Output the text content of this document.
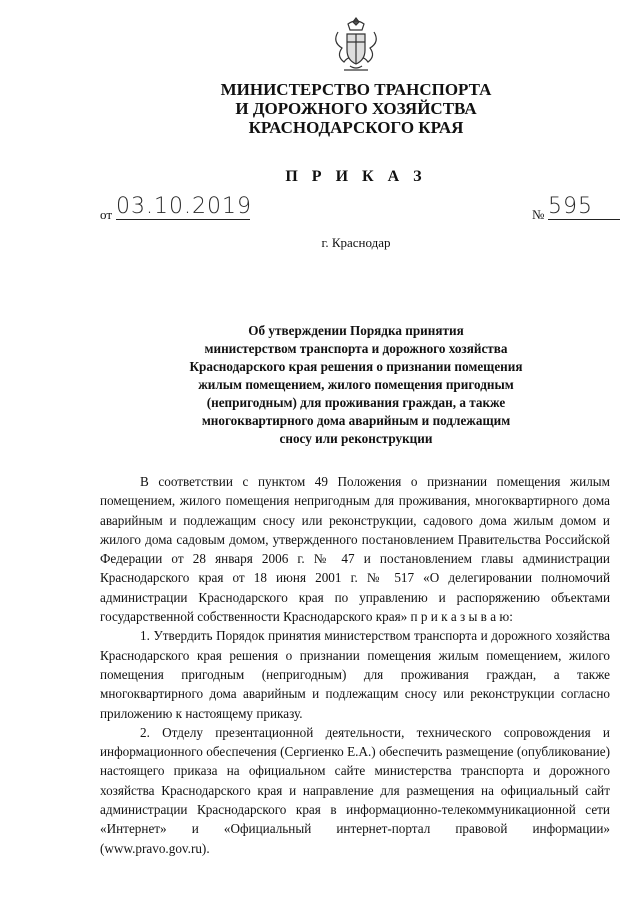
МИНИСТЕРСТВО ТРАНСПОРТА
И ДОРОЖНОГО ХОЗЯЙСТВА
КРАСНОДАРСКОГО КРАЯ
П Р И К А З
от 03.10.2019	№ 595
г. Краснодар
Об утверждении Порядка принятия
министерством транспорта и дорожного хозяйства
Краснодарского края решения о признании помещения
жилым помещением, жилого помещения пригодным
(непригодным) для проживания граждан, а также
многоквартирного дома аварийным и подлежащим
сносу или реконструкции

В соответствии с пунктом 49 Положения о признании помещения жилым помещением, жилого помещения непригодным для проживания, многоквартирного дома аварийным и подлежащим сносу или реконструкции, садового дома жилым домом и жилого дома садовым домом, утвержденного постановлением Правительства Российской Федерации от 28 января 2006 г. № 47 и постановлением главы администрации Краснодарского края от 18 июня 2001 г. № 517 «О делегировании полномочий администрации Краснодарского края по управлению и распоряжению объектами государственной собственности Краснодарского края» п р и к а з ы в а ю:

1. Утвердить Порядок принятия министерством транспорта и дорожного хозяйства Краснодарского края решения о признании помещения жилым помещением, жилого помещения пригодным (непригодным) для проживания граждан, а также многоквартирного дома аварийным и подлежащим сносу или реконструкции согласно приложению к настоящему приказу.

2. Отделу презентационной деятельности, технического сопровождения и информационного обеспечения (Сергиенко Е.А.) обеспечить размещение (опубликование) настоящего приказа на официальном сайте министерства транспорта и дорожного хозяйства Краснодарского края и направление для размещения на официальный сайт администрации Краснодарского края в информационно-телекоммуникационной сети «Интернет» и «Официальный интернет-портал правовой информации» (www.pravo.gov.ru).
